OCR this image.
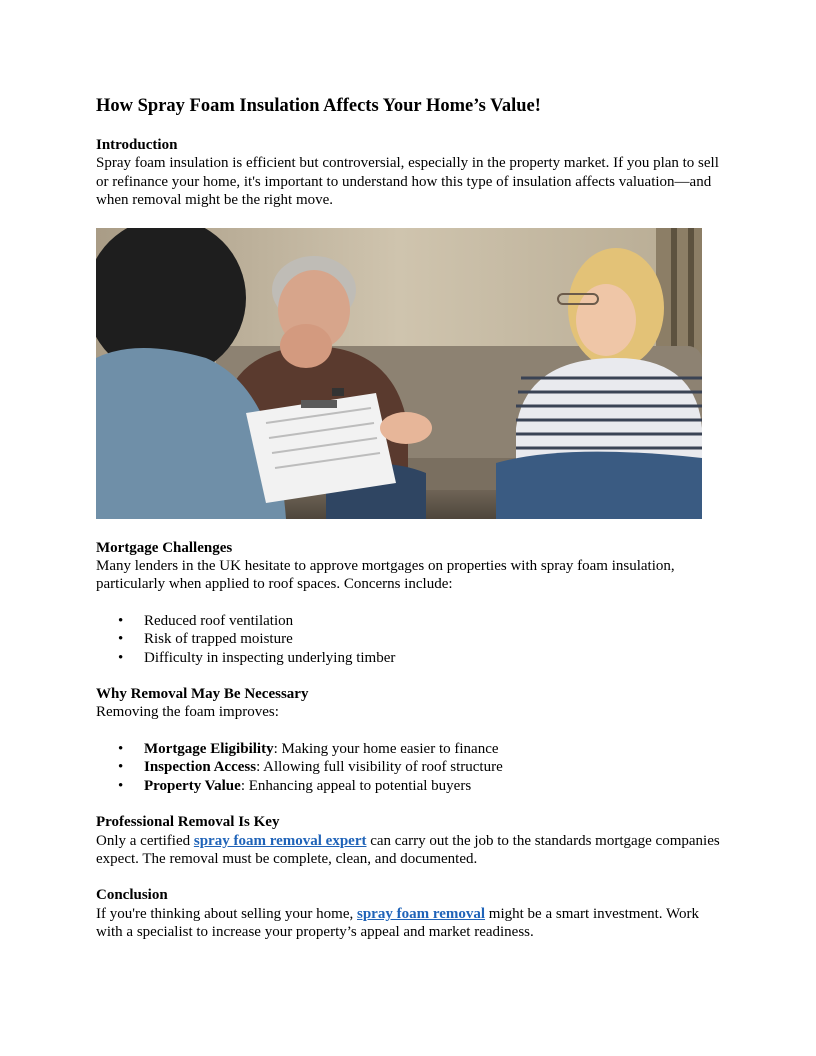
How Spray Foam Insulation Affects Your Home’s Value!
Introduction
Spray foam insulation is efficient but controversial, especially in the property market. If you plan to sell or refinance your home, it's important to understand how this type of insulation affects valuation—and when removal might be the right move.
Mortgage Challenges
Many lenders in the UK hesitate to approve mortgages on properties with spray foam insulation, particularly when applied to roof spaces. Concerns include:
• Reduced roof ventilation
• Risk of trapped moisture
• Difficulty in inspecting underlying timber
Why Removal May Be Necessary
Removing the foam improves:
• Mortgage Eligibility: Making your home easier to finance
• Inspection Access: Allowing full visibility of roof structure
• Property Value: Enhancing appeal to potential buyers
Professional Removal Is Key
Only a certified spray foam removal expert can carry out the job to the standards mortgage companies expect. The removal must be complete, clean, and documented.
Conclusion
If you're thinking about selling your home, spray foam removal might be a smart investment. Work with a specialist to increase your property’s appeal and market readiness.
